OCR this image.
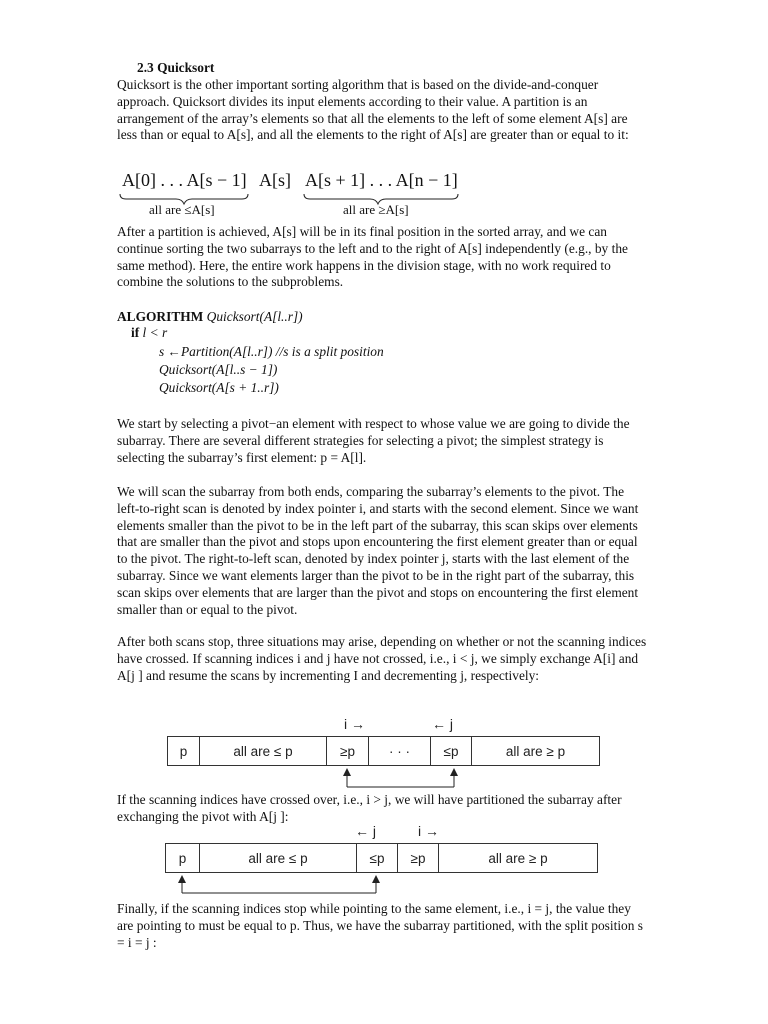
2.3 Quicksort

Quicksort is the other important sorting algorithm that is based on the divide-and-conquer approach. Quicksort divides its input elements according to their value. A partition is an arrangement of the array’s elements so that all the elements to the left of some element A[s] are less than or equal to A[s], and all the elements to the right of A[s] are greater than or equal to it:

A[0] . . . A[s − 1] A[s] A[s + 1] . . . A[n − 1]
all are ≤A[s]	all are ≥A[s]

After a partition is achieved, A[s] will be in its final position in the sorted array, and we can continue sorting the two subarrays to the left and to the right of A[s] independently (e.g., by the same method). Here, the entire work happens in the division stage, with no work required to combine the solutions to the subproblems.

ALGORITHM Quicksort(A[l..r])
if l < r
s ←Partition(A[l..r]) //s is a split position
Quicksort(A[l..s − 1])
Quicksort(A[s + 1..r])

We start by selecting a pivot−an element with respect to whose value we are going to divide the subarray. There are several different strategies for selecting a pivot; the simplest strategy is selecting the subarray’s first element: p = A[l].

We will scan the subarray from both ends, comparing the subarray’s elements to the pivot. The left-to-right scan is denoted by index pointer i, and starts with the second element. Since we want elements smaller than the pivot to be in the left part of the subarray, this scan skips over elements that are smaller than the pivot and stops upon encountering the first element greater than or equal to the pivot. The right-to-left scan, denoted by index pointer j, starts with the last element of the subarray. Since we want elements larger than the pivot to be in the right part of the subarray, this scan skips over elements that are larger than the pivot and stops on encountering the first element smaller than or equal to the pivot.

After both scans stop, three situations may arise, depending on whether or not the scanning indices have crossed. If scanning indices i and j have not crossed, i.e., i < j, we simply exchange A[i] and A[j ] and resume the scans by incrementing I and decrementing j, respectively:

i →	← j
p	all are ≤ p	≥p	· · ·	≤p	all are ≥ p

If the scanning indices have crossed over, i.e., i > j, we will have partitioned the subarray after exchanging the pivot with A[j ]:

← j	i →
p	all are ≤ p	≤p	≥p	all are ≥ p

Finally, if the scanning indices stop while pointing to the same element, i.e., i = j, the value they are pointing to must be equal to p. Thus, we have the subarray partitioned, with the split position s = i = j :
